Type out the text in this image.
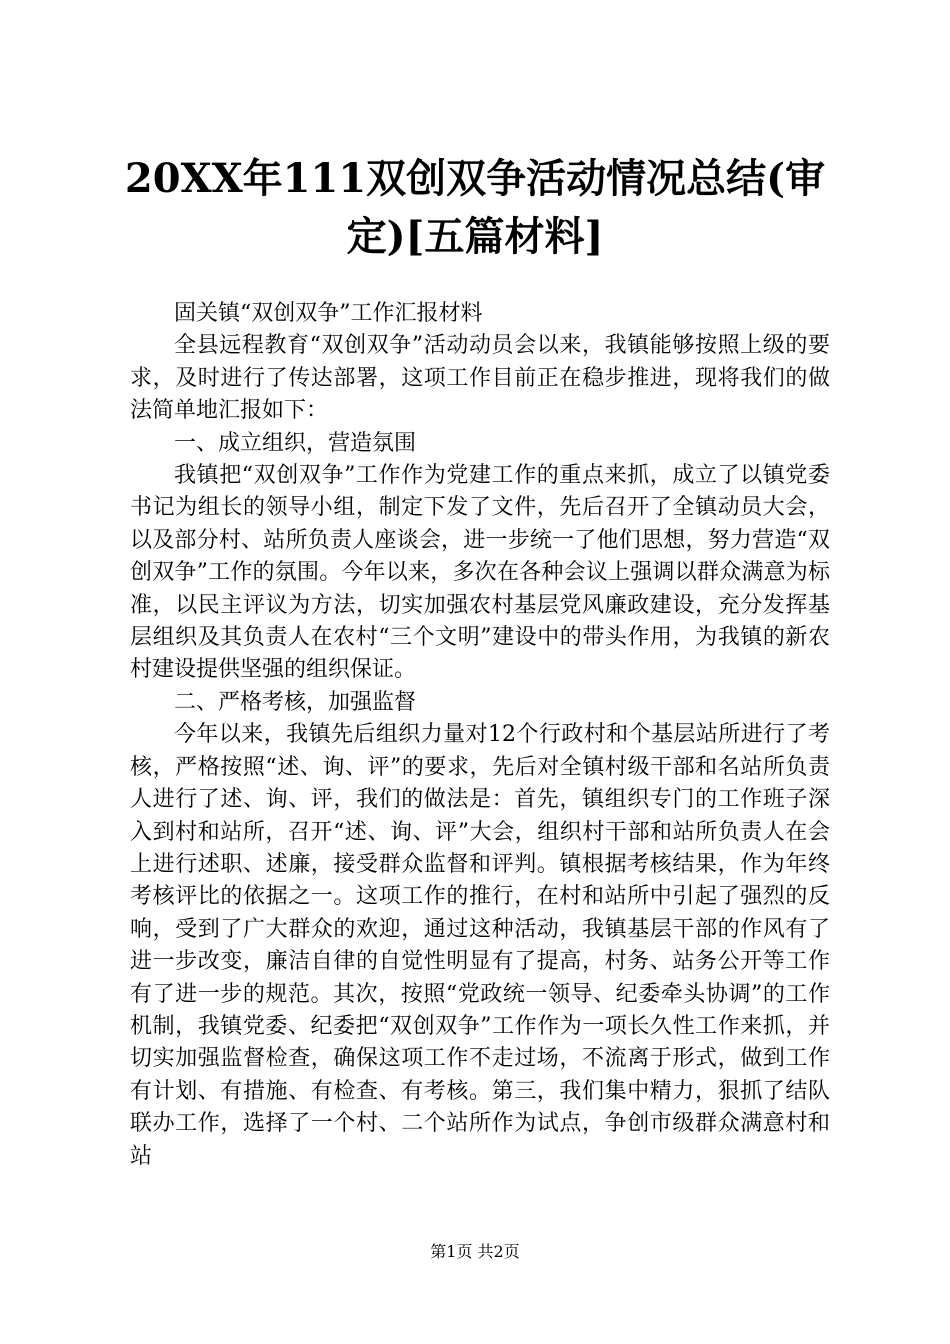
20XX年111双创双争活动情况总结(审定)[五篇材料]

固关镇“双创双争”工作汇报材料

全县远程教育“双创双争”活动动员会以来，我镇能够按照上级的要求，及时进行了传达部署，这项工作目前正在稳步推进，现将我们的做法简单地汇报如下：

一、成立组织，营造氛围

我镇把“双创双争”工作作为党建工作的重点来抓，成立了以镇党委书记为组长的领导小组，制定下发了文件，先后召开了全镇动员大会，以及部分村、站所负责人座谈会，进一步统一了他们思想，努力营造“双创双争”工作的氛围。今年以来，多次在各种会议上强调以群众满意为标准，以民主评议为方法，切实加强农村基层党风廉政建设，充分发挥基层组织及其负责人在农村“三个文明”建设中的带头作用，为我镇的新农村建设提供坚强的组织保证。

二、严格考核，加强监督

今年以来，我镇先后组织力量对12个行政村和个基层站所进行了考核，严格按照“述、询、评”的要求，先后对全镇村级干部和名站所负责人进行了述、询、评，我们的做法是：首先，镇组织专门的工作班子深入到村和站所，召开“述、询、评”大会，组织村干部和站所负责人在会上进行述职、述廉，接受群众监督和评判。镇根据考核结果，作为年终考核评比的依据之一。这项工作的推行，在村和站所中引起了强烈的反响，受到了广大群众的欢迎，通过这种活动，我镇基层干部的作风有了进一步改变，廉洁自律的自觉性明显有了提高，村务、站务公开等工作有了进一步的规范。其次，按照“党政统一领导、纪委牵头协调”的工作机制，我镇党委、纪委把“双创双争”工作作为一项长久性工作来抓，并切实加强监督检查，确保这项工作不走过场，不流离于形式，做到工作有计划、有措施、有检查、有考核。第三，我们集中精力，狠抓了结队联办工作，选择了一个村、二个站所作为试点，争创市级群众满意村和站

第1页 共2页
